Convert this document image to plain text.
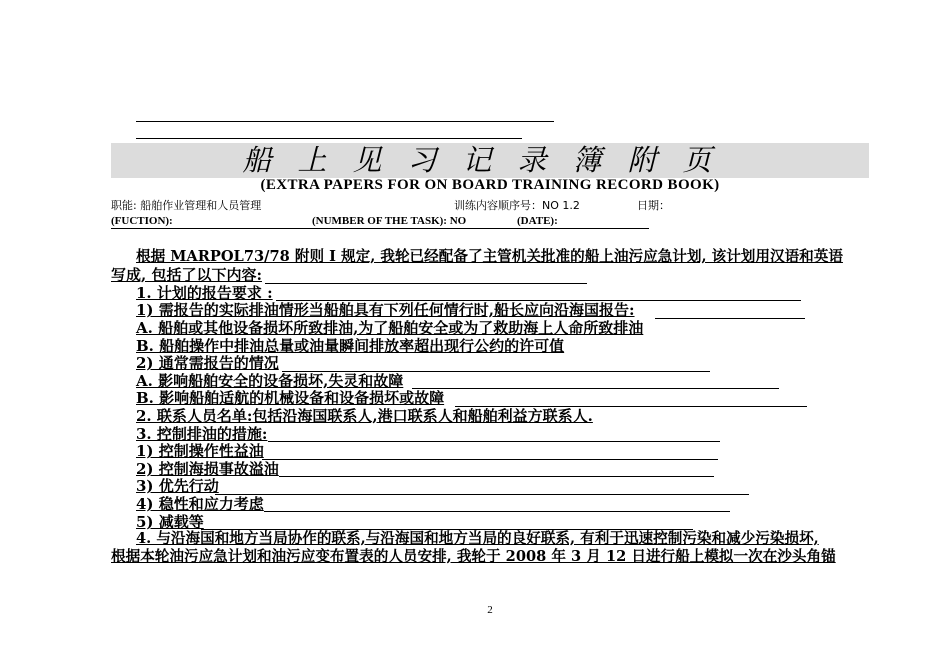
船上见习记录簿附页
(EXTRA PAPERS FOR ON BOARD TRAINING RECORD BOOK)
职能: 船舶作业管理和人员管理	训练内容顺序号：NO 1.2	日期：
(FUCTION):	(NUMBER OF THE TASK): NO	(DATE):
根据 MARPOL73/78 附则 I 规定, 我轮已经配备了主管机关批准的船上油污应急计划, 该计划用汉语和英语
写成, 包括了以下内容:
1. 计划的报告要求 :
1) 需报告的实际排油情形当船舶具有下列任何情行时,船长应向沿海国报告:
A. 船舶或其他设备损坏所致排油,为了船舶安全或为了救助海上人命所致排油
B. 船舶操作中排油总量或油量瞬间排放率超出现行公约的许可值
2) 通常需报告的情况
A. 影响船舶安全的设备损坏,失灵和故障
B. 影响船舶适航的机械设备和设备损坏或故障
2. 联系人员名单:包括沿海国联系人,港口联系人和船舶利益方联系人.
3. 控制排油的措施:
1) 控制操作性益油
2) 控制海损事故溢油
3) 优先行动
4) 稳性和应力考虑
5) 减载等
4. 与沿海国和地方当局协作的联系,与沿海国和地方当局的良好联系, 有利于迅速控制污染和减少污染损坏,
根据本轮油污应急计划和油污应变布置表的人员安排, 我轮于 2008 年 3 月 12 日进行船上模拟一次在沙头角锚
2
